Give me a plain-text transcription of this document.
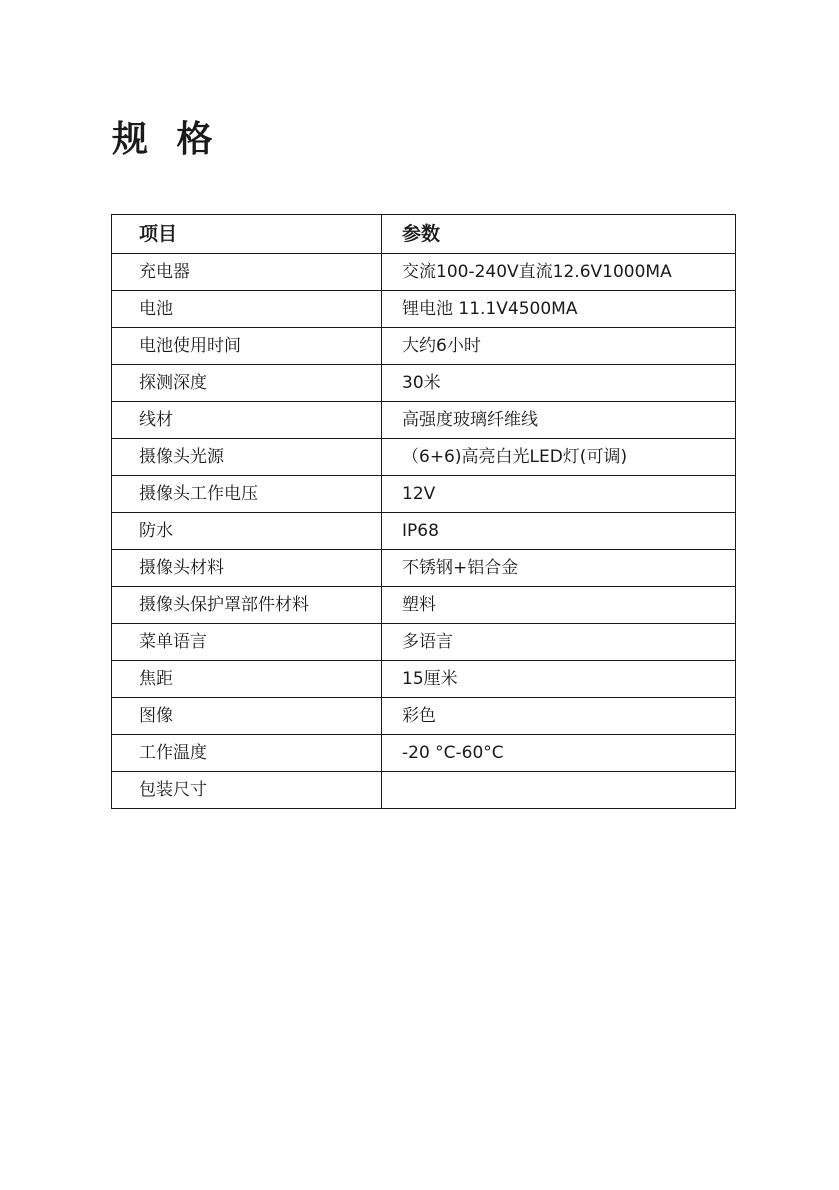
规 格
项目	参数
充电器	交流100-240V直流12.6V1000MA
电池	锂电池 11.1V4500MA
电池使用时间	大约6小时
探测深度	30米
线材	高强度玻璃纤维线
摄像头光源	（6+6)高亮白光LED灯(可调)
摄像头工作电压	12V
防水	IP68
摄像头材料	不锈钢+铝合金
摄像头保护罩部件材料	塑料
菜单语言	多语言
焦距	15厘米
图像	彩色
工作温度	-20 °C-60°C
包装尺寸	
